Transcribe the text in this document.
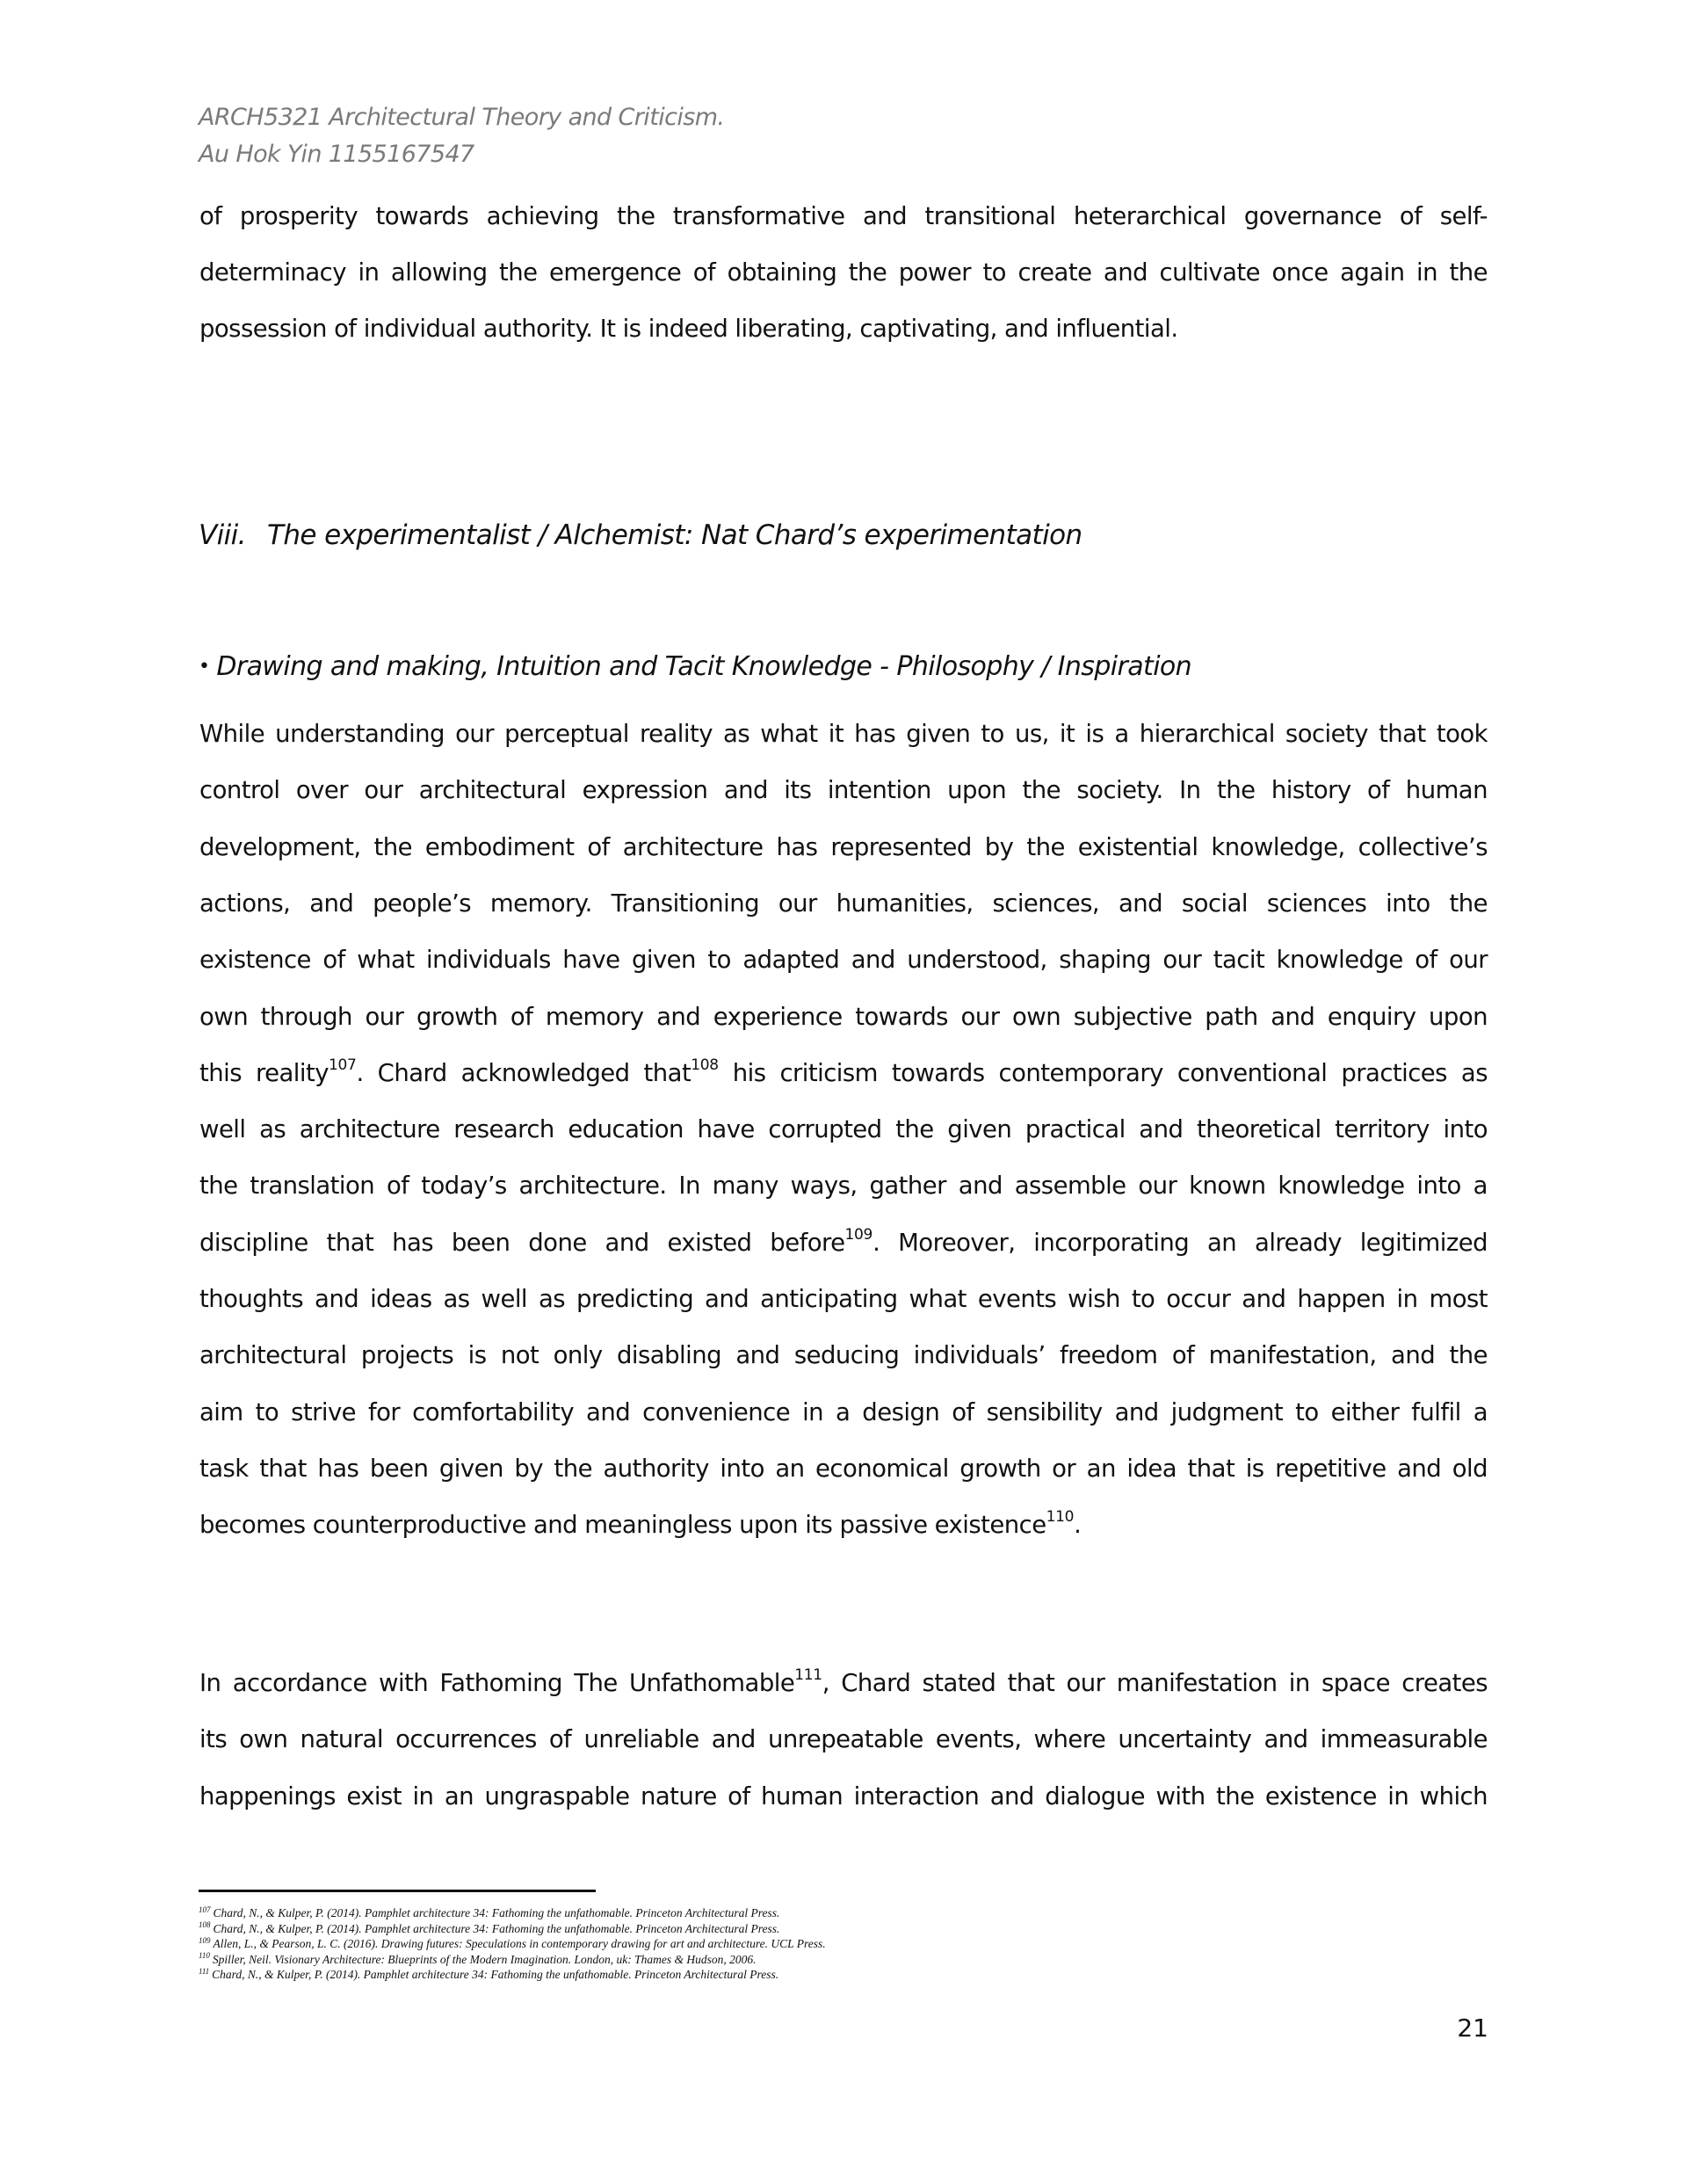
ARCH5321 Architectural Theory and Criticism.
Au Hok Yin 1155167547
of prosperity towards achieving the transformative and transitional heterarchical governance of self-
determinacy in allowing the emergence of obtaining the power to create and cultivate once again in the
possession of individual authority. It is indeed liberating, captivating, and influential.
Viii. The experimentalist / Alchemist: Nat Chard’s experimentation
• Drawing and making, Intuition and Tacit Knowledge - Philosophy / Inspiration
While understanding our perceptual reality as what it has given to us, it is a hierarchical society that took
control over our architectural expression and its intention upon the society. In the history of human
development, the embodiment of architecture has represented by the existential knowledge, collective’s
actions, and people’s memory. Transitioning our humanities, sciences, and social sciences into the
existence of what individuals have given to adapted and understood, shaping our tacit knowledge of our
own through our growth of memory and experience towards our own subjective path and enquiry upon
this reality$^{107}$. Chard acknowledged that$^{108}$ his criticism towards contemporary conventional practices as
well as architecture research education have corrupted the given practical and theoretical territory into
the translation of today’s architecture. In many ways, gather and assemble our known knowledge into a
discipline that has been done and existed before$^{109}$. Moreover, incorporating an already legitimized
thoughts and ideas as well as predicting and anticipating what events wish to occur and happen in most
architectural projects is not only disabling and seducing individuals’ freedom of manifestation, and the
aim to strive for comfortability and convenience in a design of sensibility and judgment to either fulfil a
task that has been given by the authority into an economical growth or an idea that is repetitive and old
becomes counterproductive and meaningless upon its passive existence$^{110}$.
In accordance with Fathoming The Unfathomable$^{111}$, Chard stated that our manifestation in space creates
its own natural occurrences of unreliable and unrepeatable events, where uncertainty and immeasurable
happenings exist in an ungraspable nature of human interaction and dialogue with the existence in which
$^{107}$ Chard, N., & Kulper, P. (2014). Pamphlet architecture 34: Fathoming the unfathomable. Princeton Architectural Press.
$^{108}$ Chard, N., & Kulper, P. (2014). Pamphlet architecture 34: Fathoming the unfathomable. Princeton Architectural Press.
$^{109}$ Allen, L., & Pearson, L. C. (2016). Drawing futures: Speculations in contemporary drawing for art and architecture. UCL Press.
$^{110}$ Spiller, Neil. Visionary Architecture: Blueprints of the Modern Imagination. London, uk: Thames & Hudson, 2006.
$^{111}$ Chard, N., & Kulper, P. (2014). Pamphlet architecture 34: Fathoming the unfathomable. Princeton Architectural Press.
21
